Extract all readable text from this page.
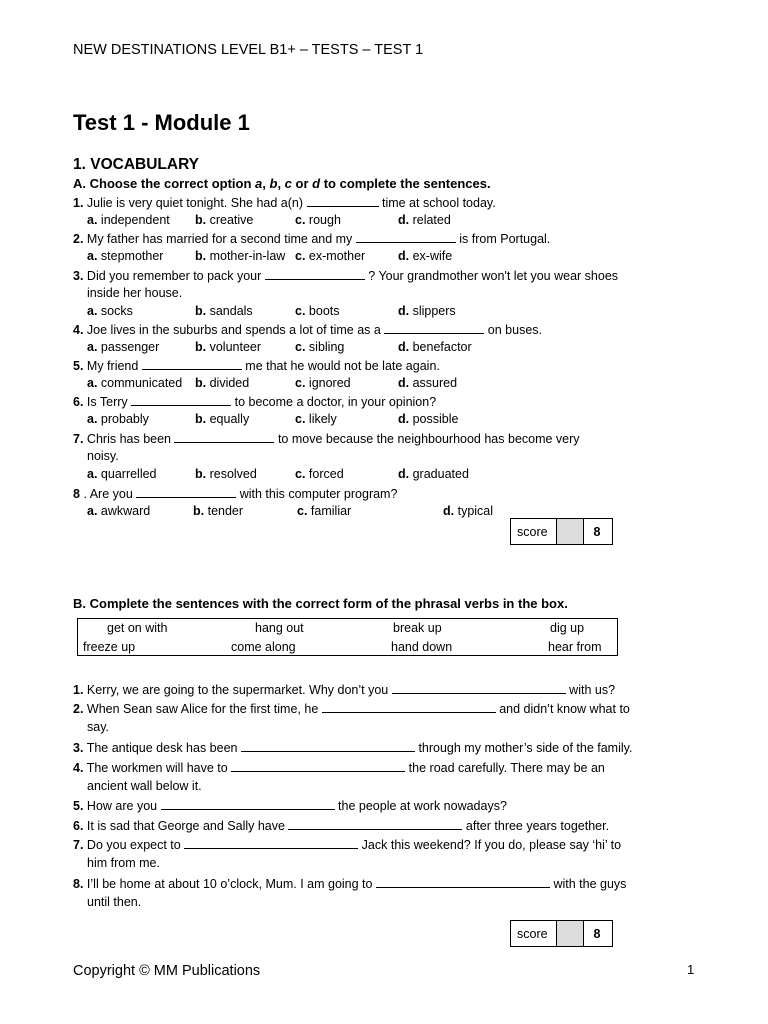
NEW DESTINATIONS LEVEL B1+ – TESTS – TEST 1
Test 1 - Module 1
1. VOCABULARY
A. Choose the correct option a, b, c or d to complete the sentences.
1. Julie is very quiet tonight. She had a(n)	time at school today.
a. independent b. creative	c. rough	d. related
2. My father has married for a second time and my	is from Portugal.
a. stepmother	b. mother-in-law c. ex-mother	d. ex-wife
3. Did you remember to pack your	? Your grandmother won't let you wear shoes
inside her house.
a. socks	b. sandals	c. boots	d. slippers
4. Joe lives in the suburbs and spends a lot of time as a	on buses.
a. passenger	b. volunteer	c. sibling	d. benefactor
5. My friend	me that he would not be late again.
a. communicated b. divided	c. ignored	d. assured
6. Is Terry	to become a doctor, in your opinion?
a. probably	b. equally	c. likely	d. possible
7. Chris has been	to move because the neighbourhood has become very
noisy.
a. quarrelled	b. resolved	c. forced	d. graduated
8 . Are you	with this computer program?
a. awkward	b. tender	c. familiar	d. typical
score	8
B. Complete the sentences with the correct form of the phrasal verbs in the box.
get on with	hang out	break up	dig up
freeze up	come along	hand down	hear from
1. Kerry, we are going to the supermarket. Why don’t you	with us?
2. When Sean saw Alice for the first time, he	and didn’t know what to
say.
3. The antique desk has been	through my mother’s side of the family.
4. The workmen will have to	the road carefully. There may be an
ancient wall below it.
5. How are you	the people at work nowadays?
6. It is sad that George and Sally have	after three years together.
7. Do you expect to	Jack this weekend? If you do, please say ‘hi’ to
him from me.
8. I’ll be home at about 10 o’clock, Mum. I am going to	with the guys
until then.
score	8
Copyright © MM Publications	1
